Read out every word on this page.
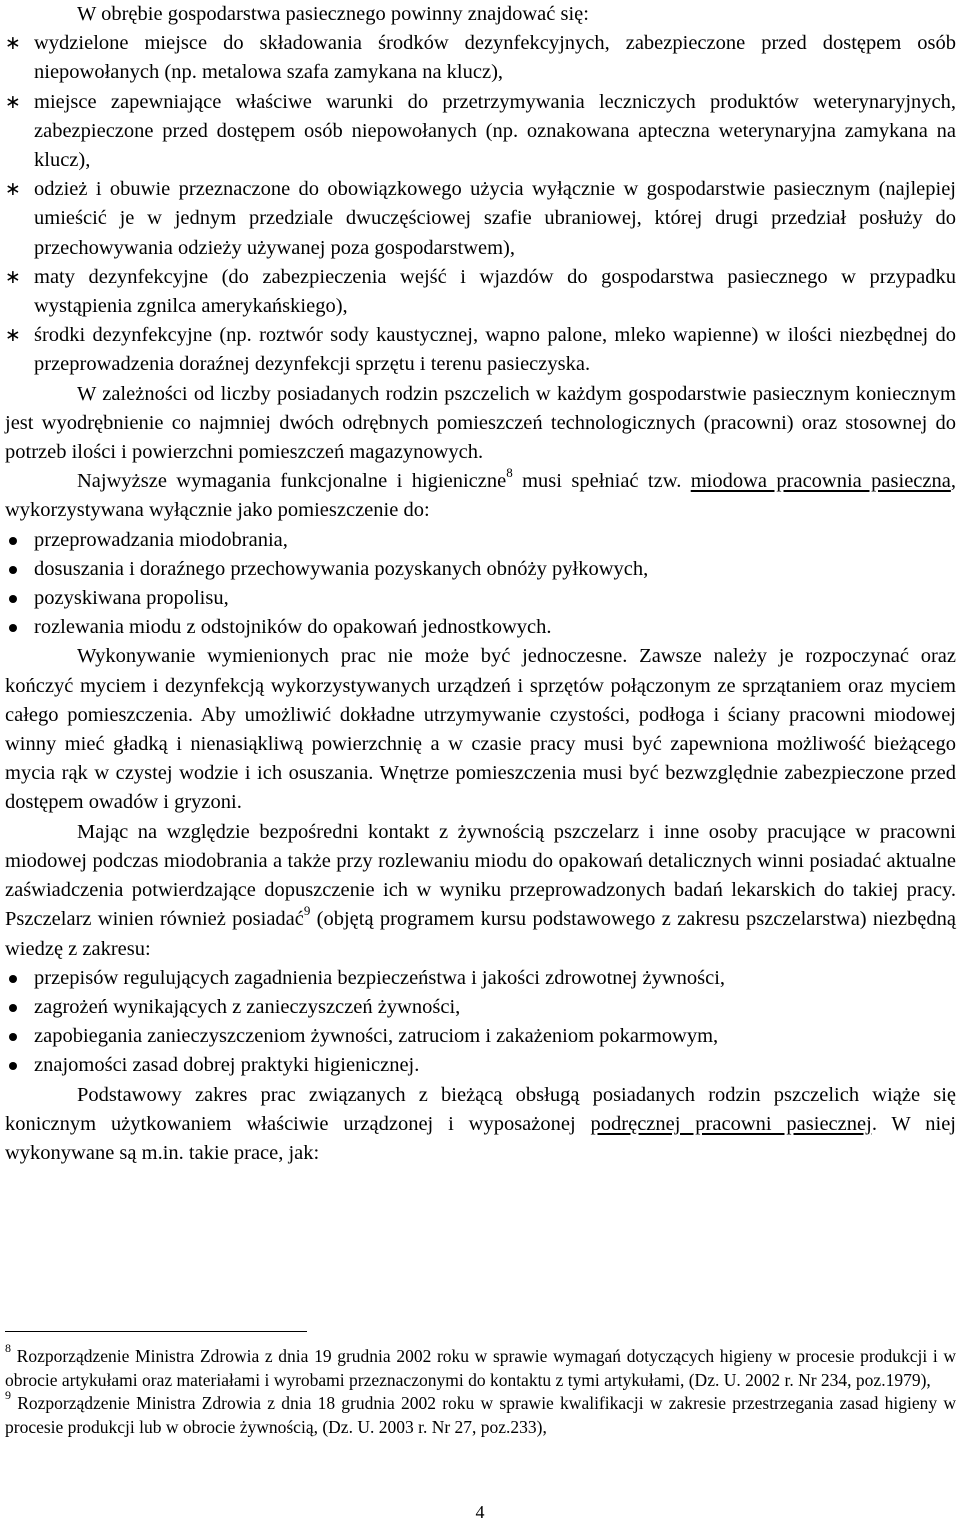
W obrębie gospodarstwa pasiecznego powinny znajdować się:

∗ wydzielone miejsce do składowania środków dezynfekcyjnych, zabezpieczone przed dostępem osób niepowołanych (np. metalowa szafa zamykana na klucz),
∗ miejsce zapewniające właściwe warunki do przetrzymywania leczniczych produktów weterynaryjnych, zabezpieczone przed dostępem osób niepowołanych (np. oznakowana apteczna weterynaryjna zamykana na klucz),
∗ odzież i obuwie przeznaczone do obowiązkowego użycia wyłącznie w gospodarstwie pasiecznym (najlepiej umieścić je w jednym przedziale dwuczęściowej szafie ubraniowej, której drugi przedział posłuży do przechowywania odzieży używanej poza gospodarstwem),
∗ maty dezynfekcyjne (do zabezpieczenia wejść i wjazdów do gospodarstwa pasiecznego w przypadku wystąpienia zgnilca amerykańskiego),
∗ środki dezynfekcyjne (np. roztwór sody kaustycznej, wapno palone, mleko wapienne) w ilości niezbędnej do przeprowadzenia doraźnej dezynfekcji sprzętu i terenu pasieczyska.

W zależności od liczby posiadanych rodzin pszczelich w każdym gospodarstwie pasiecznym koniecznym jest wyodrębnienie co najmniej dwóch odrębnych pomieszczeń technologicznych (pracowni) oraz stosownej do potrzeb ilości i powierzchni pomieszczeń magazynowych.

Najwyższe wymagania funkcjonalne i higieniczne$^8$ musi spełniać tzw. miodowa pracownia pasieczna, wykorzystywana wyłącznie jako pomieszczenie do:

przeprowadzania miodobrania,
dosuszania i doraźnego przechowywania pozyskanych obnóży pyłkowych,
pozyskiwana propolisu,
rozlewania miodu z odstojników do opakowań jednostkowych.

Wykonywanie wymienionych prac nie może być jednoczesne. Zawsze należy je rozpoczynać oraz kończyć myciem i dezynfekcją wykorzystywanych urządzeń i sprzętów połączonym ze sprzątaniem oraz myciem całego pomieszczenia. Aby umożliwić dokładne utrzymywanie czystości, podłoga i ściany pracowni miodowej winny mieć gładką i nienasiąkliwą powierzchnię a w czasie pracy musi być zapewniona możliwość bieżącego mycia rąk w czystej wodzie i ich osuszania. Wnętrze pomieszczenia musi być bezwzględnie zabezpieczone przed dostępem owadów i gryzoni.

Mając na względzie bezpośredni kontakt z żywnością pszczelarz i inne osoby pracujące w pracowni miodowej podczas miodobrania a także przy rozlewaniu miodu do opakowań detalicznych winni posiadać aktualne zaświadczenia potwierdzające dopuszczenie ich w wyniku przeprowadzonych badań lekarskich do takiej pracy. Pszczelarz winien również posiadać$^9$ (objętą programem kursu podstawowego z zakresu pszczelarstwa) niezbędną wiedzę z zakresu:

przepisów regulujących zagadnienia bezpieczeństwa i jakości zdrowotnej żywności,
zagrożeń wynikających z zanieczyszczeń żywności,
zapobiegania zanieczyszczeniom żywności, zatruciom i zakażeniom pokarmowym,
znajomości zasad dobrej praktyki higienicznej.

Podstawowy zakres prac związanych z bieżącą obsługą posiadanych rodzin pszczelich wiąże się konicznym użytkowaniem właściwie urządzonej i wyposażonej podręcznej pracowni pasiecznej. W niej wykonywane są m.in. takie prace, jak:

$^8$ Rozporządzenie Ministra Zdrowia z dnia 19 grudnia 2002 roku w sprawie wymagań dotyczących higieny w procesie produkcji i w obrocie artykułami oraz materiałami i wyrobami przeznaczonymi do kontaktu z tymi artykułami, (Dz. U. 2002 r. Nr 234, poz.1979),

$^9$ Rozporządzenie Ministra Zdrowia z dnia 18 grudnia 2002 roku w sprawie kwalifikacji w zakresie przestrzegania zasad higieny w procesie produkcji lub w obrocie żywnością, (Dz. U. 2003 r. Nr 27, poz.233),

4
